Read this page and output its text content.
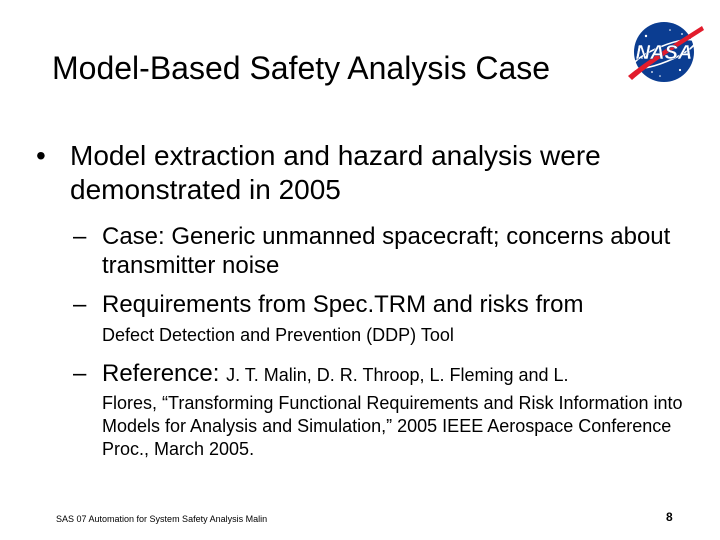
Model-Based Safety Analysis Case	NASA
• Model extraction and hazard analysis were demonstrated in 2005
– Case: Generic unmanned spacecraft; concerns about transmitter noise
– Requirements from Spec.TRM and risks from
Defect Detection and Prevention (DDP) Tool
– Reference: J. T. Malin, D. R. Throop, L. Fleming and L.
Flores, “Transforming Functional Requirements and Risk Information into Models for Analysis and Simulation,” 2005 IEEE Aerospace Conference Proc., March 2005.
SAS 07 Automation for System Safety Analysis Malin	8
